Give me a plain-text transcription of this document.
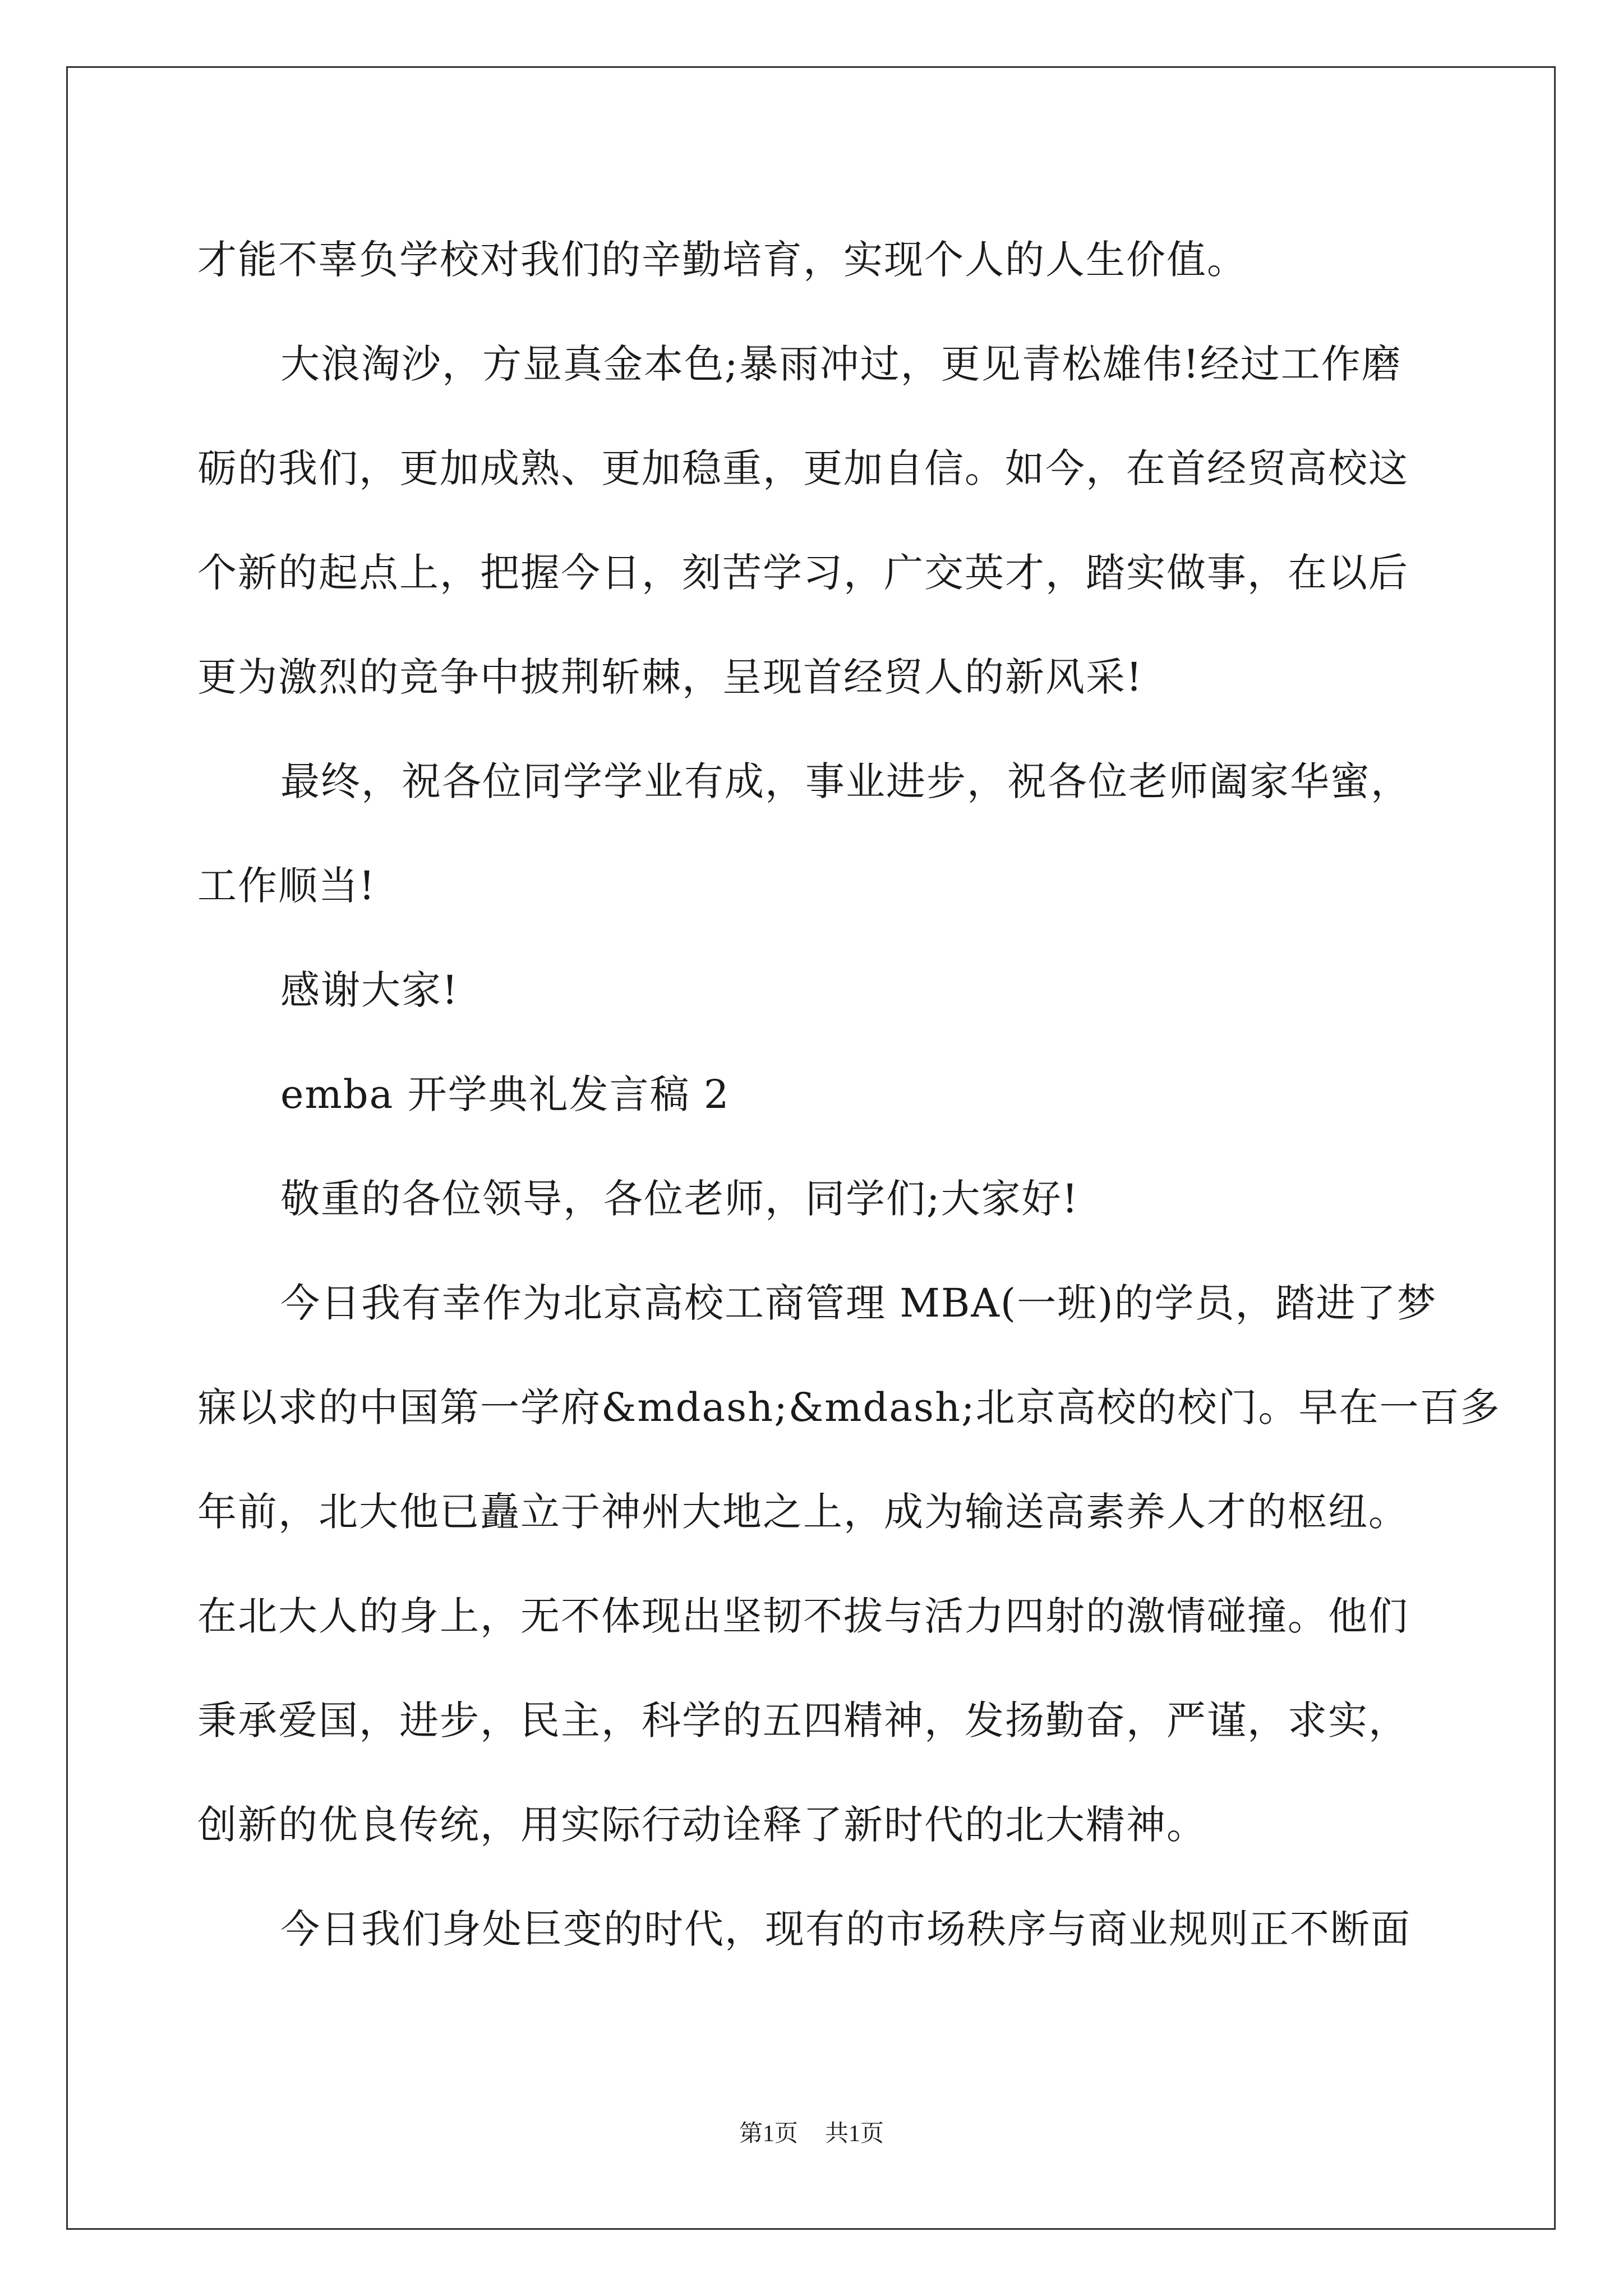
才能不辜负学校对我们的辛勤培育，实现个人的人生价值。
大浪淘沙，方显真金本色;暴雨冲过，更见青松雄伟!经过工作磨
砺的我们，更加成熟、更加稳重，更加自信。如今，在首经贸高校这
个新的起点上，把握今日，刻苦学习，广交英才，踏实做事，在以后
更为激烈的竞争中披荆斩棘，呈现首经贸人的新风采!
最终，祝各位同学学业有成，事业进步，祝各位老师阖家华蜜，
工作顺当!
感谢大家!
emba 开学典礼发言稿 2
敬重的各位领导，各位老师，同学们;大家好!
今日我有幸作为北京高校工商管理 MBA(一班)的学员，踏进了梦
寐以求的中国第一学府&mdash;&mdash;北京高校的校门。早在一百多
年前，北大他已矗立于神州大地之上，成为输送高素养人才的枢纽。
在北大人的身上，无不体现出坚韧不拔与活力四射的激情碰撞。他们
秉承爱国，进步，民主，科学的五四精神，发扬勤奋，严谨，求实，
创新的优良传统，用实际行动诠释了新时代的北大精神。
今日我们身处巨变的时代，现有的市场秩序与商业规则正不断面
第1页 共1页
